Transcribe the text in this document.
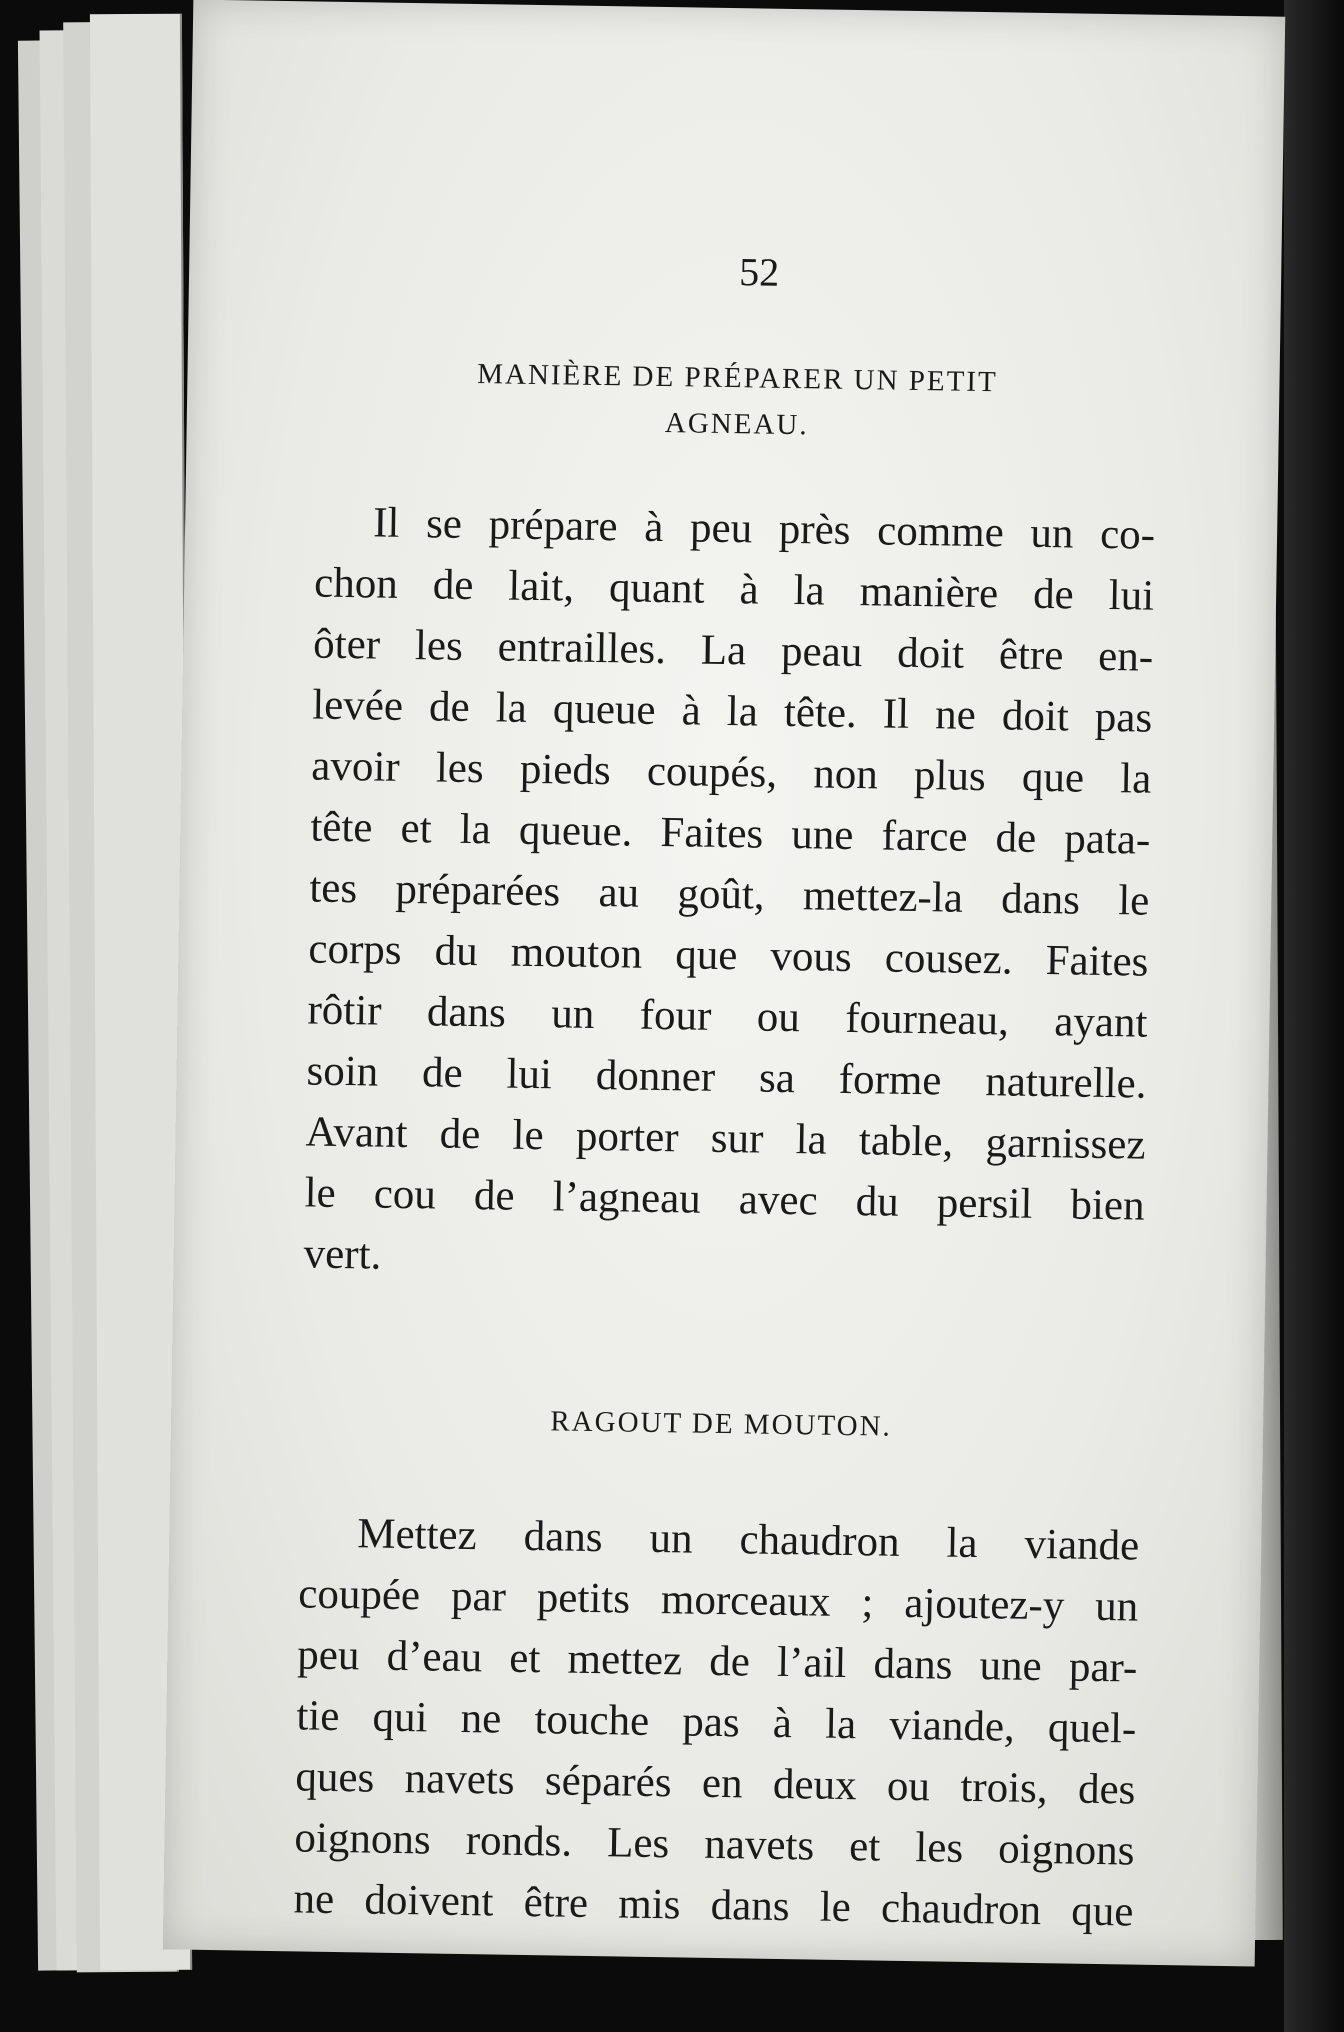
52
MANIÈRE DE PRÉPARER UN PETIT
AGNEAU.

Il se prépare à peu près comme un co-
chon de lait, quant à la manière de lui
ôter les entrailles. La peau doit être en-
levée de la queue à la tête. Il ne doit pas
avoir les pieds coupés, non plus que la
tête et la queue. Faites une farce de pata-
tes préparées au goût, mettez-la dans le
corps du mouton que vous cousez. Faites
rôtir dans un four ou fourneau, ayant
soin de lui donner sa forme naturelle.
Avant de le porter sur la table, garnissez
le cou de l’agneau avec du persil bien
vert.

RAGOUT DE MOUTON.

Mettez dans un chaudron la viande
coupée par petits morceaux ; ajoutez-y un
peu d’eau et mettez de l’ail dans une par-
tie qui ne touche pas à la viande, quel-
ques navets séparés en deux ou trois, des
oignons ronds. Les navets et les oignons
ne doivent être mis dans le chaudron que
